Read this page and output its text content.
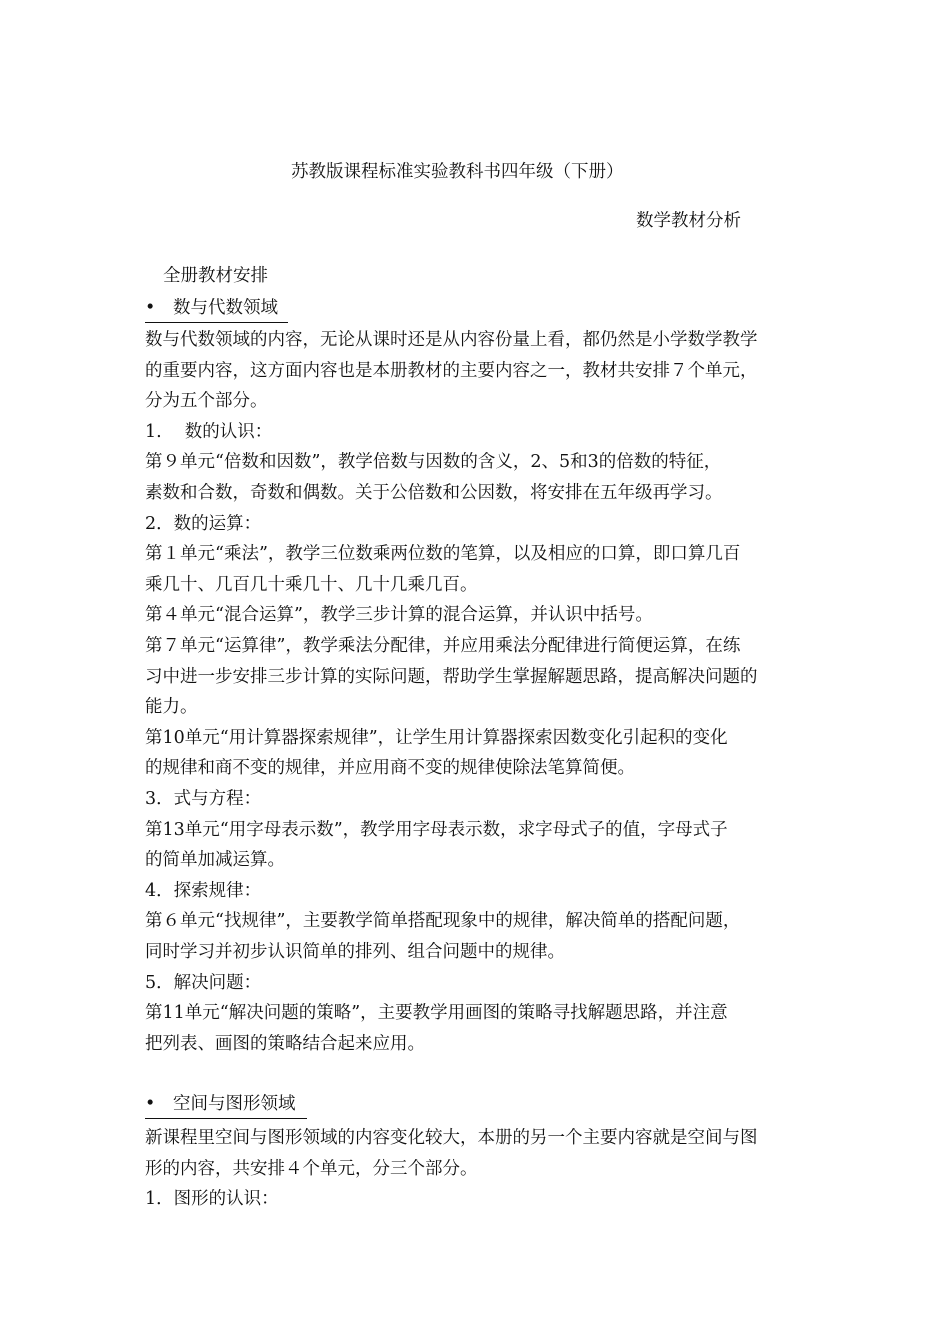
苏教版课程标准实验教科书四年级（下册）
数学教材分析
全册教材安排
• 数与代数领域
数与代数领域的内容，无论从课时还是从内容份量上看，都仍然是小学数学教学
的重要内容，这方面内容也是本册教材的主要内容之一，教材共安排７个单元，
分为五个部分。
1.　 数的认识：
第９单元“倍数和因数”，教学倍数与因数的含义，2、5和3的倍数的特征，
素数和合数，奇数和偶数。关于公倍数和公因数，将安排在五年级再学习。
2．数的运算：
第１单元“乘法”，教学三位数乘两位数的笔算，以及相应的口算，即口算几百
乘几十、几百几十乘几十、几十几乘几百。
第４单元“混合运算”，教学三步计算的混合运算，并认识中括号。
第７单元“运算律”，教学乘法分配律，并应用乘法分配律进行简便运算，在练
习中进一步安排三步计算的实际问题，帮助学生掌握解题思路，提高解决问题的
能力。
第10单元“用计算器探索规律”，让学生用计算器探索因数变化引起积的变化
的规律和商不变的规律，并应用商不变的规律使除法笔算简便。
3．式与方程：
第13单元“用字母表示数”，教学用字母表示数，求字母式子的值，字母式子
的简单加减运算。
4．探索规律：
第６单元“找规律”，主要教学简单搭配现象中的规律，解决简单的搭配问题，
同时学习并初步认识简单的排列、组合问题中的规律。
5．解决问题：
第11单元“解决问题的策略”，主要教学用画图的策略寻找解题思路，并注意
把列表、画图的策略结合起来应用。
• 空间与图形领域
新课程里空间与图形领域的内容变化较大，本册的另一个主要内容就是空间与图
形的内容，共安排４个单元，分三个部分。
1．图形的认识：
